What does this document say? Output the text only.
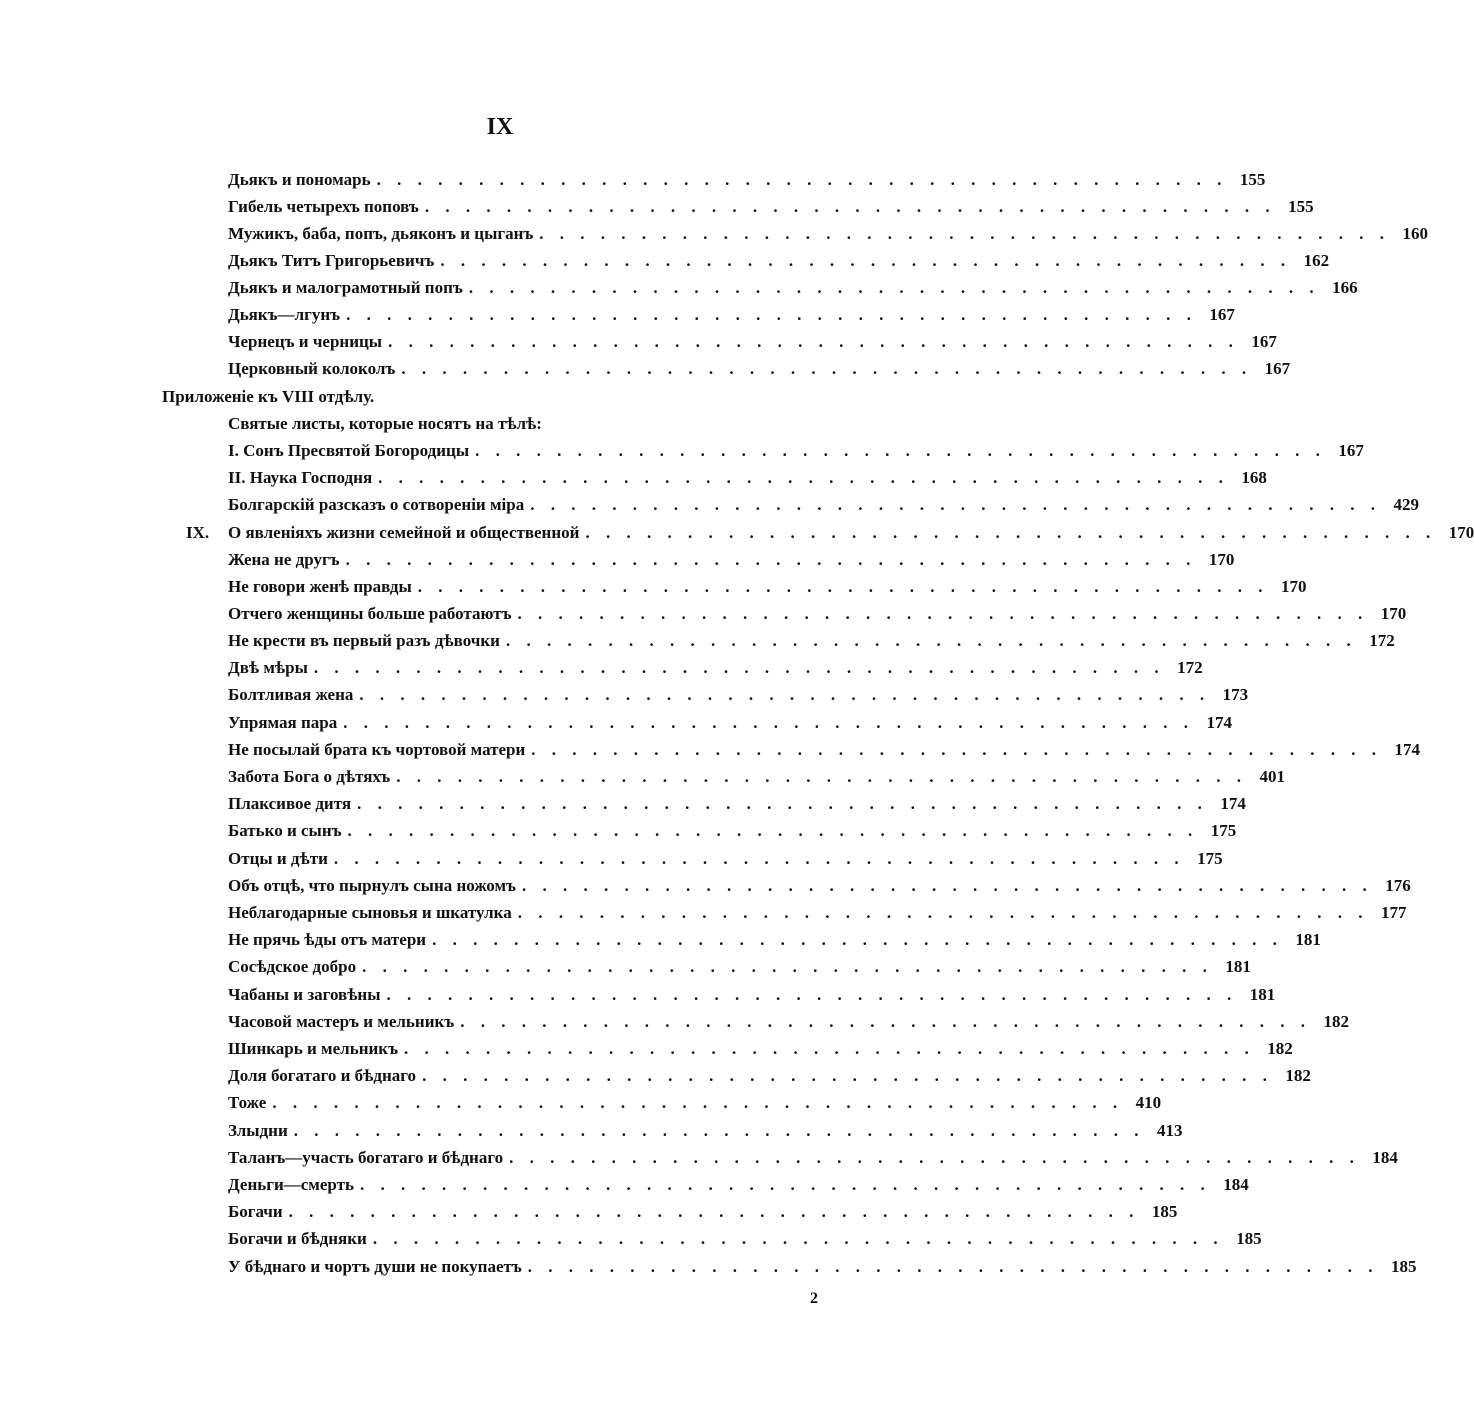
IX
Дьякъ и пономарь . . . . . . . . . . . . . . . . . . . . . . . . . . . . . . . . . . . . . . . . . . 155
Гибель четырехъ поповъ . . . . . . . . . . . . . . . . . . . . . . . . . . . . . . . . . . . . . . . . . . 155
Мужикъ, баба, попъ, дьяконъ и цыганъ . . . . . . . . . . . . . . . . . . . . . . . . . . . . . . . . . . . . . . . . . . 160
Дьякъ Титъ Григорьевичъ . . . . . . . . . . . . . . . . . . . . . . . . . . . . . . . . . . . . . . . . . . 162
Дьякъ и малограмотный попъ . . . . . . . . . . . . . . . . . . . . . . . . . . . . . . . . . . . . . . . . . . 166
Дьякъ—лгунъ . . . . . . . . . . . . . . . . . . . . . . . . . . . . . . . . . . . . . . . . . . 167
Чернецъ и черницы . . . . . . . . . . . . . . . . . . . . . . . . . . . . . . . . . . . . . . . . . . 167
Церковный колоколъ . . . . . . . . . . . . . . . . . . . . . . . . . . . . . . . . . . . . . . . . . . 167
Приложеніе къ VIII отдѣлу.
Святые листы, которые носятъ на тѣлѣ:
I. Сонъ Пресвятой Богородицы . . . . . . . . . . . . . . . . . . . . . . . . . . . . . . . . . . . . . . . . . . 167
II. Наука Господня . . . . . . . . . . . . . . . . . . . . . . . . . . . . . . . . . . . . . . . . . . 168
Болгарскій разсказъ о сотвореніи міра . . . . . . . . . . . . . . . . . . . . . . . . . . . . . . . . . . . . . . . . . . 429
IX.	О явленіяхъ жизни семейной и общественной . . . . . . . . . . . . . . . . . . . . . . . . . . . . . . . . . . . . . . . . . . 170
Жена не другъ . . . . . . . . . . . . . . . . . . . . . . . . . . . . . . . . . . . . . . . . . . 170
Не говори женѣ правды . . . . . . . . . . . . . . . . . . . . . . . . . . . . . . . . . . . . . . . . . . 170
Отчего женщины больше работаютъ . . . . . . . . . . . . . . . . . . . . . . . . . . . . . . . . . . . . . . . . . . 170
Не крести въ первый разъ дѣвочки . . . . . . . . . . . . . . . . . . . . . . . . . . . . . . . . . . . . . . . . . . 172
Двѣ мѣры . . . . . . . . . . . . . . . . . . . . . . . . . . . . . . . . . . . . . . . . . . 172
Болтливая жена . . . . . . . . . . . . . . . . . . . . . . . . . . . . . . . . . . . . . . . . . . 173
Упрямая пара . . . . . . . . . . . . . . . . . . . . . . . . . . . . . . . . . . . . . . . . . . 174
Не посылай брата къ чортовой матери . . . . . . . . . . . . . . . . . . . . . . . . . . . . . . . . . . . . . . . . . . 174
Забота Бога о дѣтяхъ . . . . . . . . . . . . . . . . . . . . . . . . . . . . . . . . . . . . . . . . . . 401
Плаксивое дитя . . . . . . . . . . . . . . . . . . . . . . . . . . . . . . . . . . . . . . . . . . 174
Батько и сынъ . . . . . . . . . . . . . . . . . . . . . . . . . . . . . . . . . . . . . . . . . . 175
Отцы и дѣти . . . . . . . . . . . . . . . . . . . . . . . . . . . . . . . . . . . . . . . . . . 175
Объ отцѣ, что пырнулъ сына ножомъ . . . . . . . . . . . . . . . . . . . . . . . . . . . . . . . . . . . . . . . . . . 176
Неблагодарные сыновья и шкатулка . . . . . . . . . . . . . . . . . . . . . . . . . . . . . . . . . . . . . . . . . . 177
Не прячь ѣды отъ матери . . . . . . . . . . . . . . . . . . . . . . . . . . . . . . . . . . . . . . . . . . 181
Сосѣдское добро . . . . . . . . . . . . . . . . . . . . . . . . . . . . . . . . . . . . . . . . . . 181
Чабаны и заговѣны . . . . . . . . . . . . . . . . . . . . . . . . . . . . . . . . . . . . . . . . . . 181
Часовой мастеръ и мельникъ . . . . . . . . . . . . . . . . . . . . . . . . . . . . . . . . . . . . . . . . . . 182
Шинкарь и мельникъ . . . . . . . . . . . . . . . . . . . . . . . . . . . . . . . . . . . . . . . . . . 182
Доля богатаго и бѣднаго . . . . . . . . . . . . . . . . . . . . . . . . . . . . . . . . . . . . . . . . . . 182
Тоже . . . . . . . . . . . . . . . . . . . . . . . . . . . . . . . . . . . . . . . . . . 410
Злыдни . . . . . . . . . . . . . . . . . . . . . . . . . . . . . . . . . . . . . . . . . . 413
Таланъ—участь богатаго и бѣднаго . . . . . . . . . . . . . . . . . . . . . . . . . . . . . . . . . . . . . . . . . . 184
Деньги—смерть . . . . . . . . . . . . . . . . . . . . . . . . . . . . . . . . . . . . . . . . . . 184
Богачи . . . . . . . . . . . . . . . . . . . . . . . . . . . . . . . . . . . . . . . . . . 185
Богачи и бѣдняки . . . . . . . . . . . . . . . . . . . . . . . . . . . . . . . . . . . . . . . . . . 185
У бѣднаго и чортъ души не покупаетъ . . . . . . . . . . . . . . . . . . . . . . . . . . . . . . . . . . . . . . . . . . 185
2
